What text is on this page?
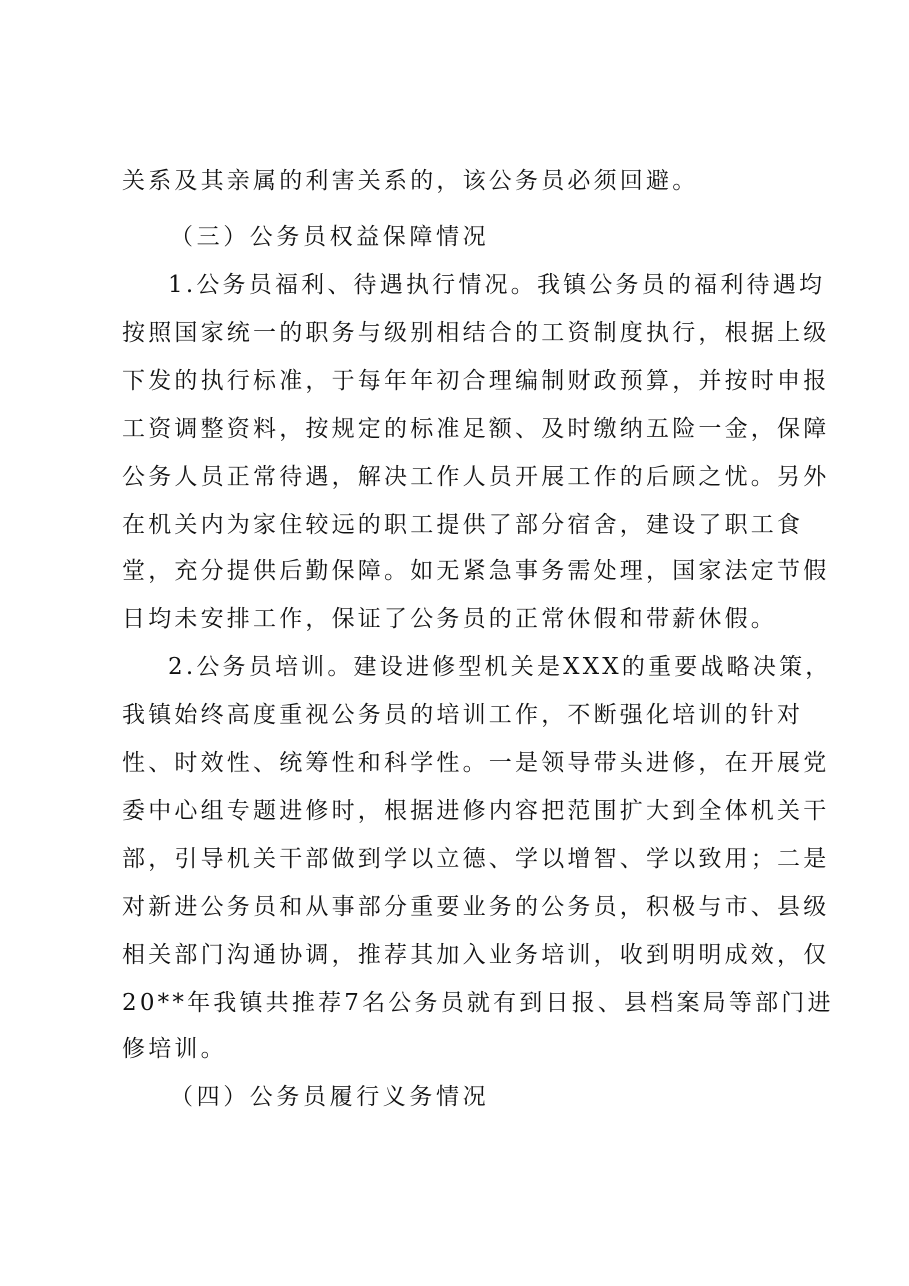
关系及其亲属的利害关系的，该公务员必须回避。
（三）公务员权益保障情况
1.公务员福利、待遇执行情况。我镇公务员的福利待遇均
按照国家统一的职务与级别相结合的工资制度执行，根据上级
下发的执行标准，于每年年初合理编制财政预算，并按时申报
工资调整资料，按规定的标准足额、及时缴纳五险一金，保障
公务人员正常待遇，解决工作人员开展工作的后顾之忧。另外
在机关内为家住较远的职工提供了部分宿舍，建设了职工食
堂，充分提供后勤保障。如无紧急事务需处理，国家法定节假
日均未安排工作，保证了公务员的正常休假和带薪休假。
2.公务员培训。建设进修型机关是XXX的重要战略决策，
我镇始终高度重视公务员的培训工作，不断强化培训的针对
性、时效性、统筹性和科学性。一是领导带头进修，在开展党
委中心组专题进修时，根据进修内容把范围扩大到全体机关干
部，引导机关干部做到学以立德、学以增智、学以致用；二是
对新进公务员和从事部分重要业务的公务员，积极与市、县级
相关部门沟通协调，推荐其加入业务培训，收到明明成效，仅
20**年我镇共推荐7名公务员就有到日报、县档案局等部门进
修培训。
（四）公务员履行义务情况
